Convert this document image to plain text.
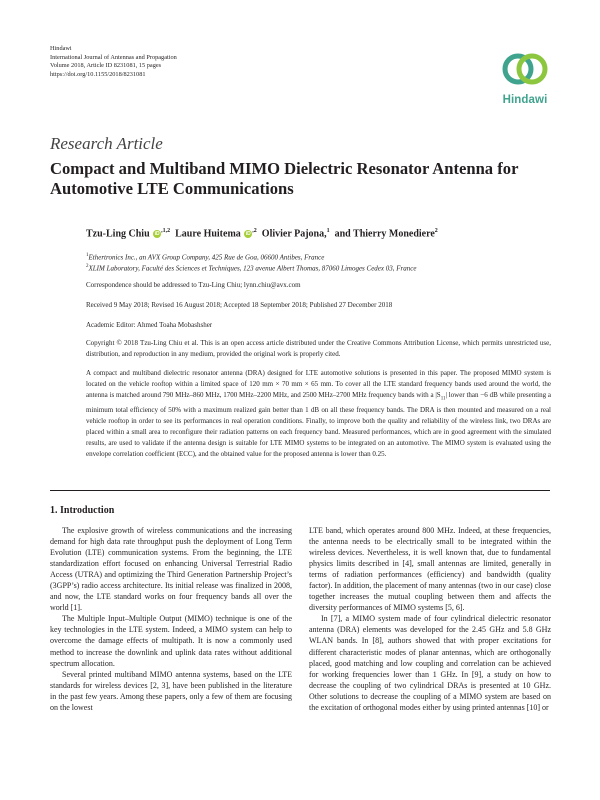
Hindawi
International Journal of Antennas and Propagation
Volume 2018, Article ID 8231081, 15 pages
https://doi.org/10.1155/2018/8231081
Hindawi
Research Article
Compact and Multiband MIMO Dielectric Resonator Antenna for Automotive LTE Communications
Tzu-Ling Chiu $iD^{,1,2}$ Laure Huitema $iD^{,2}$ Olivier Pajona,$^1$ and Thierry Monediere$^2$
$^1$Ethertronics Inc., an AVX Group Company, 425 Rue de Goa, 06600 Antibes, France
$^2$XLIM Laboratory, Faculté des Sciences et Techniques, 123 avenue Albert Thomas, 87060 Limoges Cedex 03, France
Correspondence should be addressed to Tzu-Ling Chiu; lynn.chiu@avx.com
Received 9 May 2018; Revised 16 August 2018; Accepted 18 September 2018; Published 27 December 2018
Academic Editor: Ahmed Toaha Mobashsher
Copyright © 2018 Tzu-Ling Chiu et al. This is an open access article distributed under the Creative Commons Attribution License, which permits unrestricted use, distribution, and reproduction in any medium, provided the original work is properly cited.
A compact and multiband dielectric resonator antenna (DRA) designed for LTE automotive solutions is presented in this paper. The proposed MIMO system is located on the vehicle rooftop within a limited space of 120 mm × 70 mm × 65 mm. To cover all the LTE standard frequency bands used around the world, the antenna is matched around 790 MHz–860 MHz, 1700 MHz–2200 MHz, and 2500 MHz–2700 MHz frequency bands with a $|S_{11}|$ lower than −6 dB while presenting a minimum total efficiency of 50% with a maximum realized gain better than 1 dB on all these frequency bands. The DRA is then mounted and measured on a real vehicle rooftop in order to see its performances in real operation conditions. Finally, to improve both the quality and reliability of the wireless link, two DRAs are placed within a small area to reconfigure their radiation patterns on each frequency band. Measured performances, which are in good agreement with the simulated results, are used to validate if the antenna design is suitable for LTE MIMO systems to be integrated on an automotive. The MIMO system is evaluated using the envelope correlation coefficient (ECC), and the obtained value for the proposed antenna is lower than 0.25.
1. Introduction

The explosive growth of wireless communications and the increasing demand for high data rate throughput push the deployment of Long Term Evolution (LTE) communication systems. From the beginning, the LTE standardization effort focused on enhancing Universal Terrestrial Radio Access (UTRA) and optimizing the Third Generation Partnership Project’s (3GPP’s) radio access architecture. Its initial release was finalized in 2008, and now, the LTE standard works on four frequency bands all over the world [1].

The Multiple Input–Multiple Output (MIMO) technique is one of the key technologies in the LTE system. Indeed, a MIMO system can help to overcome the damage effects of multipath. It is now a commonly used method to increase the downlink and uplink data rates without additional spectrum allocation.

Several printed multiband MIMO antenna systems, based on the LTE standards for wireless devices [2, 3], have been published in the literature in the past few years. Among these papers, only a few of them are focusing on the lowest

LTE band, which operates around 800 MHz. Indeed, at these frequencies, the antenna needs to be electrically small to be integrated within the wireless devices. Nevertheless, it is well known that, due to fundamental physics limits described in [4], small antennas are limited, generally in terms of radiation performances (efficiency) and bandwidth (quality factor). In addition, the placement of many antennas (two in our case) close together increases the mutual coupling between them and affects the diversity performances of MIMO systems [5, 6].

In [7], a MIMO system made of four cylindrical dielectric resonator antenna (DRA) elements was developed for the 2.45 GHz and 5.8 GHz WLAN bands. In [8], authors showed that with proper excitations for different characteristic modes of planar antennas, which are orthogonally placed, good matching and low coupling and correlation can be achieved for working frequencies lower than 1 GHz. In [9], a study on how to decrease the coupling of two cylindrical DRAs is presented at 10 GHz. Other solutions to decrease the coupling of a MIMO system are based on the excitation of orthogonal modes either by using printed antennas [10] or
